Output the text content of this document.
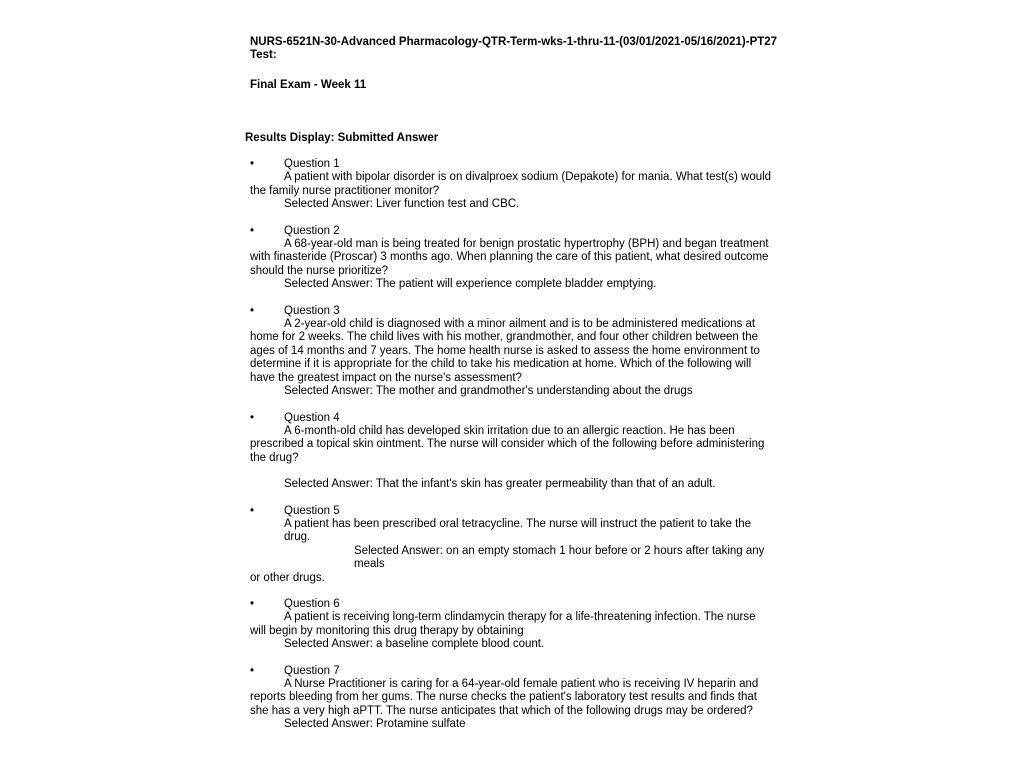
NURS-6521N-30-Advanced Pharmacology-QTR-Term-wks-1-thru-11-(03/01/2021-05/16/2021)-PT27 Test:
Final Exam - Week 11
Results Display: Submitted Answer
•	Question 1
A patient with bipolar disorder is on divalproex sodium (Depakote) for mania. What test(s) would the family nurse practitioner monitor?
Selected Answer: Liver function test and CBC.
•	Question 2
A 68-year-old man is being treated for benign prostatic hypertrophy (BPH) and began treatment with finasteride (Proscar) 3 months ago. When planning the care of this patient, what desired outcome should the nurse prioritize?
Selected Answer: The patient will experience complete bladder emptying.
•	Question 3
A 2-year-old child is diagnosed with a minor ailment and is to be administered medications at home for 2 weeks. The child lives with his mother, grandmother, and four other children between the ages of 14 months and 7 years. The home health nurse is asked to assess the home environment to determine if it is appropriate for the child to take his medication at home. Which of the following will have the greatest impact on the nurse's assessment?
Selected Answer: The mother and grandmother's understanding about the drugs
•	Question 4
A 6-month-old child has developed skin irritation due to an allergic reaction. He has been prescribed a topical skin ointment. The nurse will consider which of the following before administering the drug?
Selected Answer: That the infant's skin has greater permeability than that of an adult.
•	Question 5
A patient has been prescribed oral tetracycline. The nurse will instruct the patient to take the drug.
Selected Answer: on an empty stomach 1 hour before or 2 hours after taking any meals
or other drugs.
•	Question 6
A patient is receiving long-term clindamycin therapy for a life-threatening infection. The nurse will begin by monitoring this drug therapy by obtaining
Selected Answer: a baseline complete blood count.
•	Question 7
A Nurse Practitioner is caring for a 64-year-old female patient who is receiving IV heparin and reports bleeding from her gums. The nurse checks the patient's laboratory test results and finds that she has a very high aPTT. The nurse anticipates that which of the following drugs may be ordered?
Selected Answer: Protamine sulfate
